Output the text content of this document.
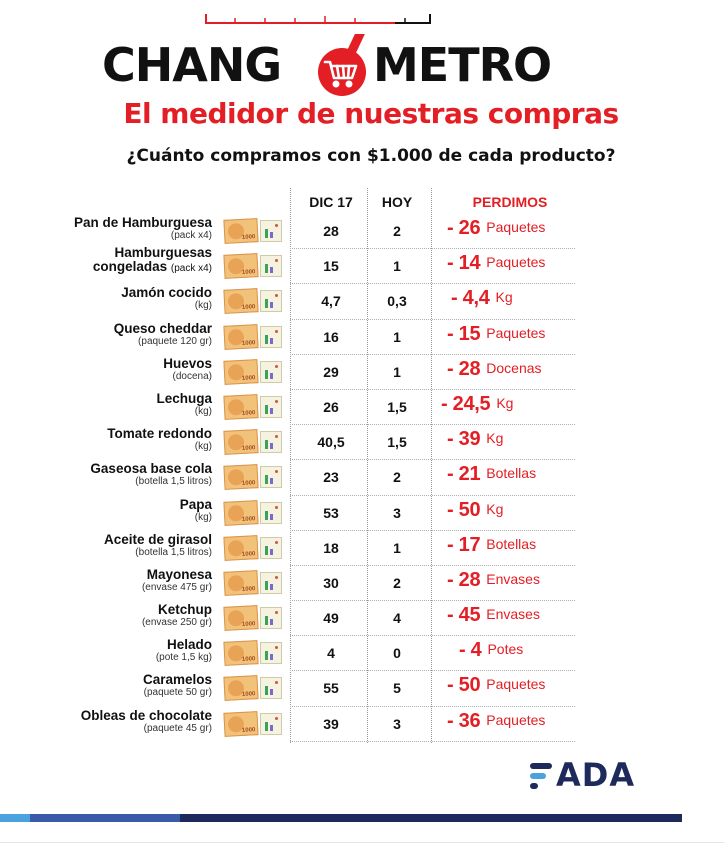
CHANG METRO
El medidor de nuestras compras
¿Cuánto compramos con $1.000 de cada producto?
DIC 17	HOY	PERDIMOS
Pan de Hamburguesa
(pack x4)	1000	28	2	- 26 Paquetes
Hamburguesas
congeladas (pack x4)	1000	15	1	- 14 Paquetes
Jamón cocido
(kg)	1000	4,7	0,3	- 4,4 Kg
Queso cheddar
(paquete 120 gr)	1000	16	1	- 15 Paquetes
Huevos
(docena)	1000	29	1	- 28 Docenas
Lechuga
(kg)	1000	26	1,5	- 24,5 Kg
Tomate redondo
(kg)	1000	40,5	1,5	- 39 Kg
Gaseosa base cola
(botella 1,5 litros)	1000	23	2	- 21 Botellas
Papa
(kg)	1000	53	3	- 50 Kg
Aceite de girasol
(botella 1,5 litros)	1000	18	1	- 17 Botellas
Mayonesa
(envase 475 gr)	1000	30	2	- 28 Envases
Ketchup
(envase 250 gr)	1000	49	4	- 45 Envases
Helado
(pote 1,5 kg)	1000	4	0	- 4 Potes
Caramelos
(paquete 50 gr)	1000	55	5	- 50 Paquetes
Obleas de chocolate
(paquete 45 gr)	1000	39	3	- 36 Paquetes
ADA
